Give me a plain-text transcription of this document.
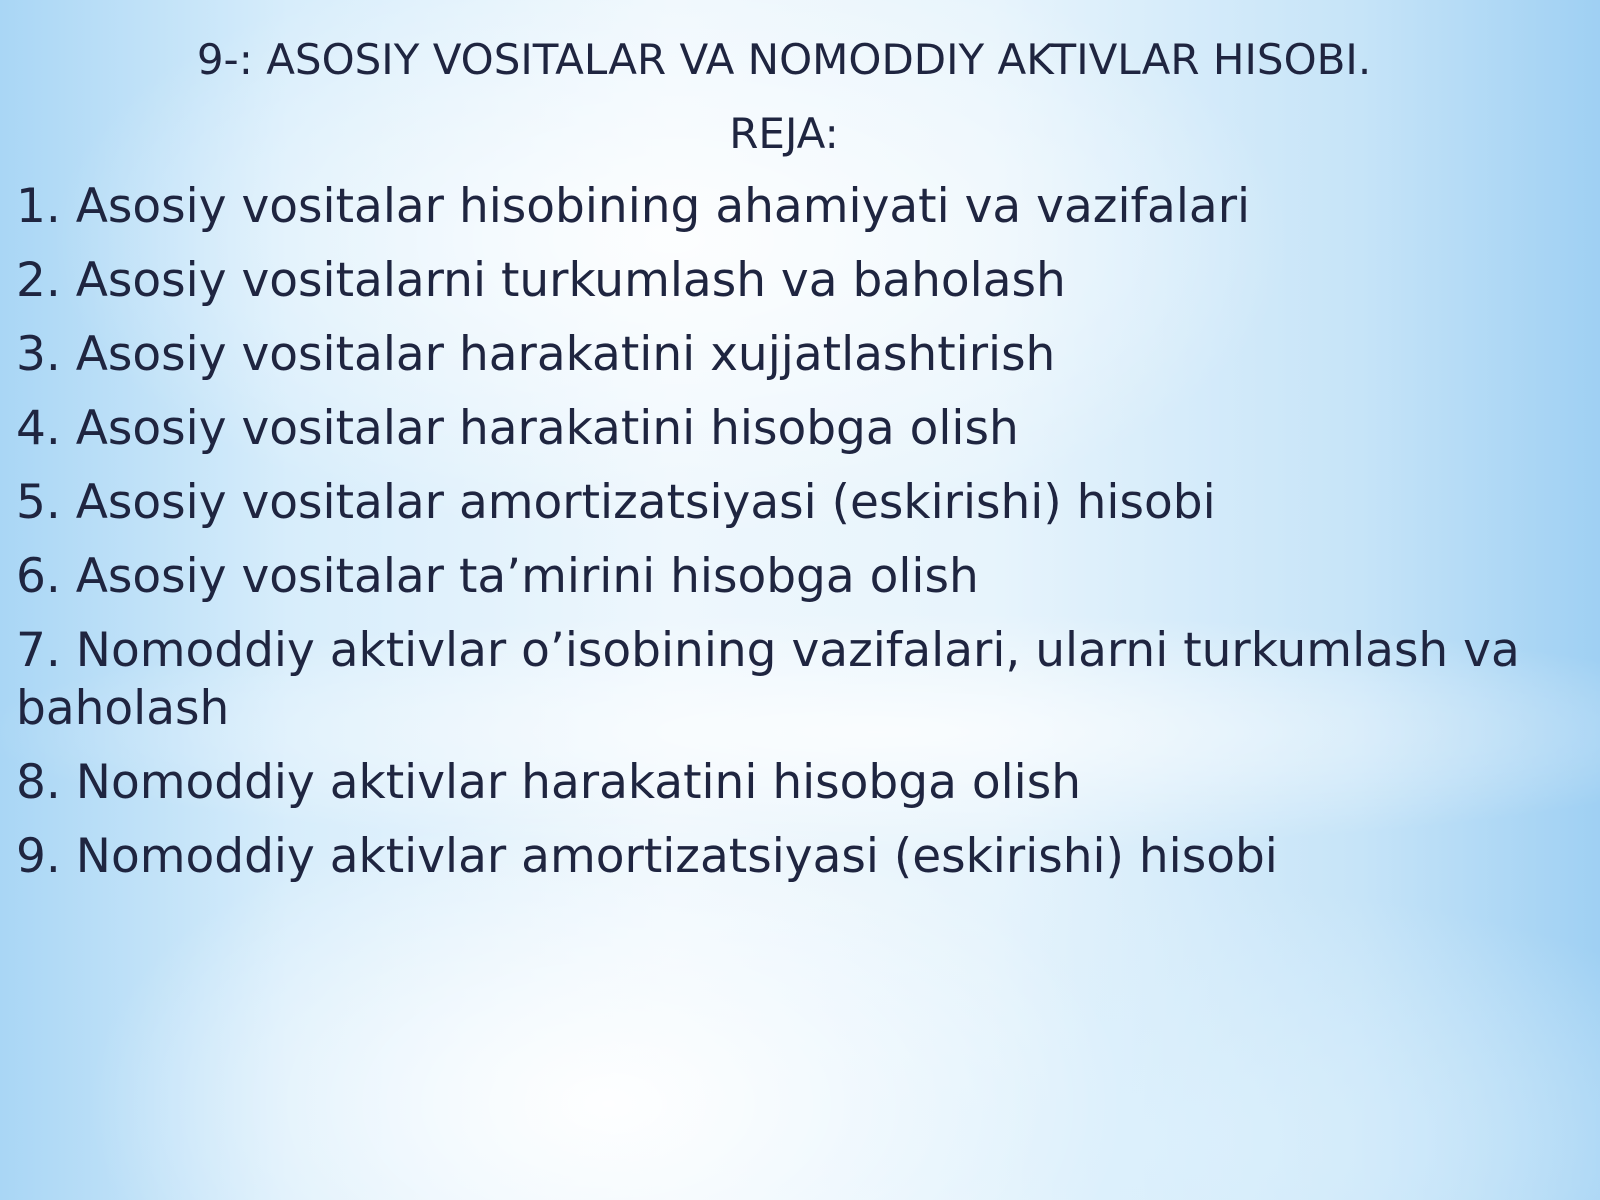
9-: ASOSIY VOSITALAR VA NOMODDIY AKTIVLAR HISOBI.
REJA:
1. Asosiy vositalar hisobining ahamiyati va vazifalari
2. Asosiy vositalarni turkumlash va baholash
3. Asosiy vositalar harakatini xujjatlashtirish
4. Asosiy vositalar harakatini hisobga olish
5. Asosiy vositalar amortizatsiyasi (eskirishi) hisobi
6. Asosiy vositalar ta’mirini hisobga olish
7. Nomoddiy aktivlar o’isobining vazifalari, ularni turkumlash va baholash
8. Nomoddiy aktivlar harakatini hisobga olish
9. Nomoddiy aktivlar amortizatsiyasi (eskirishi) hisobi
